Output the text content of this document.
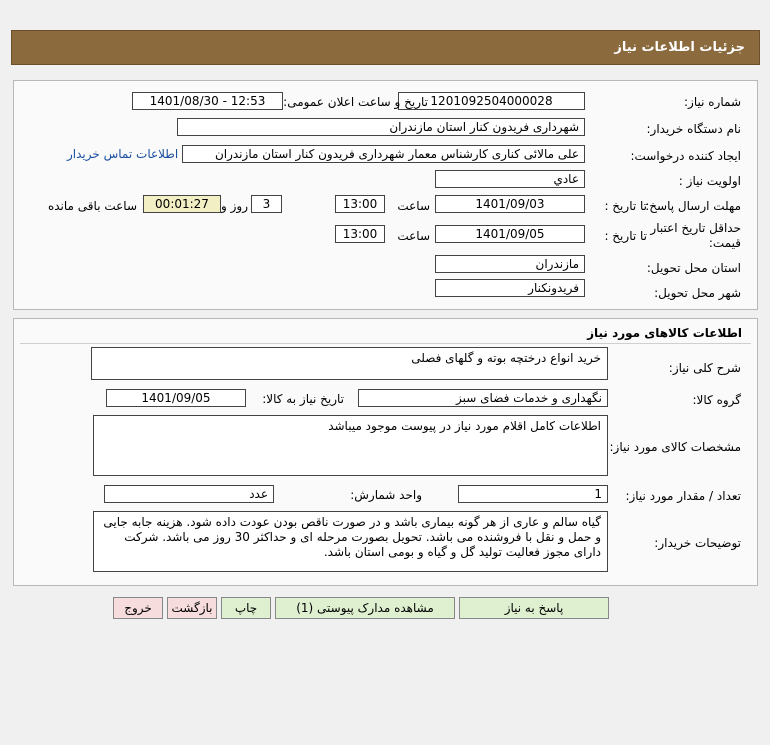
جزئيات اطلاعات نياز
شماره نیاز:
1201092504000028
تاریخ و ساعت اعلان عمومی:
1401/08/30 - 12:53
نام دستگاه خریدار:
شهرداری فریدون کنار استان مازندران
ایجاد کننده درخواست:
علی مالائی کناری کارشناس معمار شهرداری فریدون کنار استان مازندران
اطلاعات تماس خریدار
اولویت نیاز :
عادي
مهلت ارسال پاسخ:
تا تاریخ :
1401/09/03
ساعت
13:00
3
روز و
00:01:27
ساعت باقی مانده
حداقل تاریخ اعتبار
قیمت:
تا تاریخ :
1401/09/05
ساعت
13:00
استان محل تحویل:
مازندران
شهر محل تحویل:
فریدونکنار
اطلاعات کالاهای مورد نیاز
شرح کلی نیاز:
خرید انواع درختچه بوته و گلهای فصلی
گروه کالا:
نگهداری و خدمات فضای سبز
تاریخ نیاز به کالا:
1401/09/05
مشخصات کالای مورد نیاز:
اطلاعات کامل اقلام مورد نیاز در پیوست موجود میباشد
تعداد / مقدار مورد نیاز:
1
واحد شمارش:
عدد
توضیحات خریدار:
گیاه سالم و عاری از هر گونه بیماری باشد و در صورت ناقص بودن عودت داده شود. هزینه جابه جایی و حمل و نقل با فروشنده می باشد. تحویل بصورت مرحله ای و حداکثر 30 روز می باشد. شرکت دارای مجوز فعالیت تولید گل و گیاه و بومی استان باشد.
پاسخ به نیاز
مشاهده مدارک پیوستی (1)
چاپ
بازگشت
خروج
